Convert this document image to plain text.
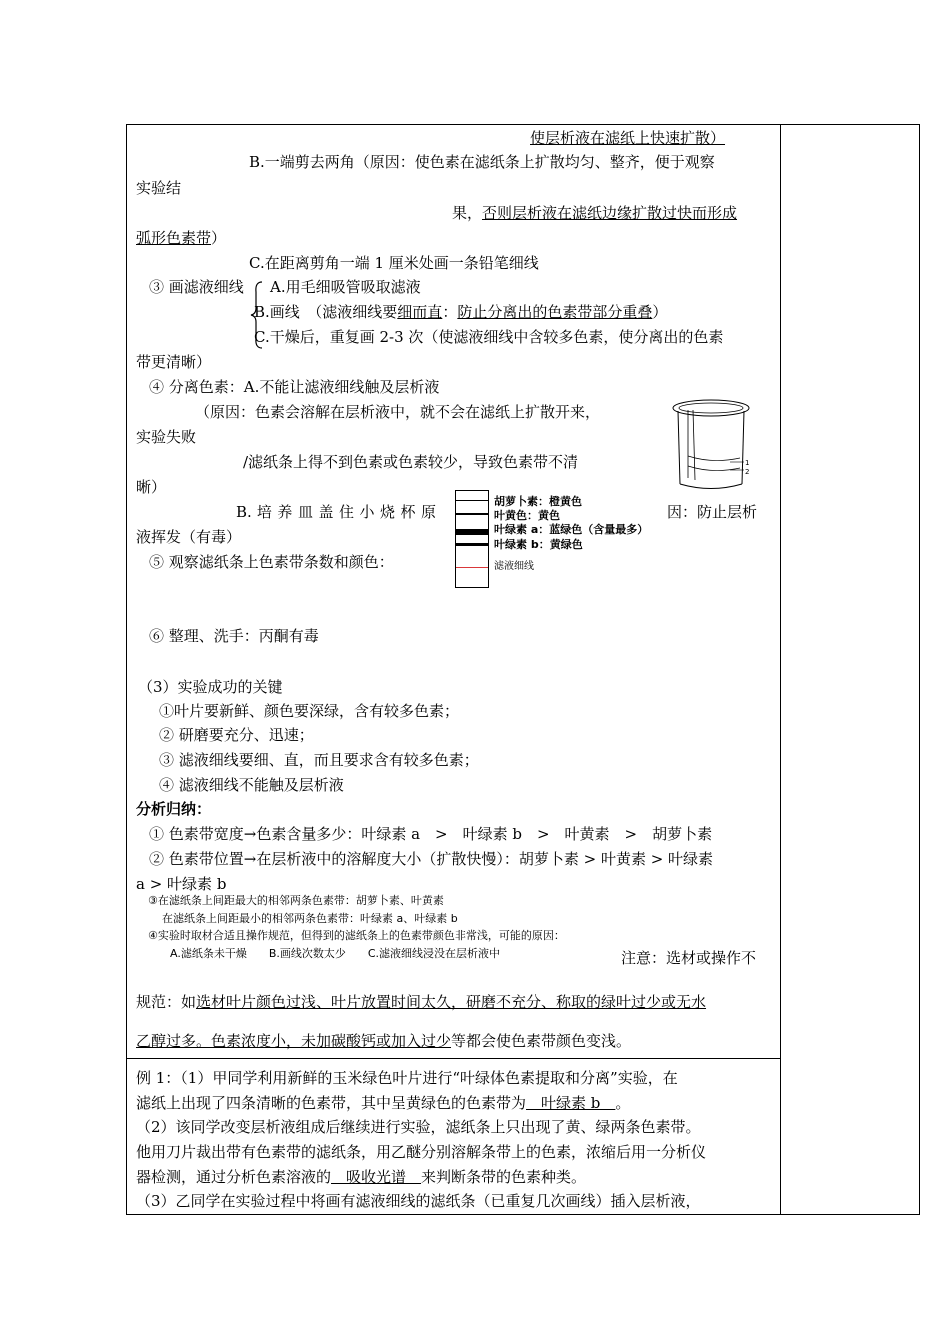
使层析液在滤纸上快速扩散）
B.一端剪去两角（原因：使色素在滤纸条上扩散均匀、整齐，便于观察
实验结
果，否则层析液在滤纸边缘扩散过快而形成
弧形色素带）
C.在距离剪角一端 1 厘米处画一条铅笔细线
③ 画滤液细线 A.用毛细吸管吸取滤液
B.画线　（滤液细线要细而直：防止分离出的色素带部分重叠）
C.干燥后，重复画 2-3 次（使滤液细线中含较多色素，使分离出的色素
带更清晰）
④ 分离色素：A.不能让滤液细线触及层析液
（原因：色素会溶解在层析液中，就不会在滤纸上扩散开来，
实验失败
/滤纸条上得不到色素或色素较少，导致色素带不清
晰）
1
2
B. 培 养 皿 盖 住 小 烧 杯 原	因：防止层析
液挥发（有毒）
胡萝卜素：橙黄色
叶黄色：黄色
叶绿素 a：蓝绿色（含量最多）
叶绿素 b：黄绿色
滤液细线
⑤ 观察滤纸条上色素带条数和颜色：
⑥ 整理、洗手：丙酮有毒
（3）实验成功的关键
①叶片要新鲜、颜色要深绿，含有较多色素；
② 研磨要充分、迅速；
③ 滤液细线要细、直，而且要求含有较多色素；
④ 滤液细线不能触及层析液
分析归纳：
① 色素带宽度→色素含量多少：叶绿素 a　>　叶绿素 b　>　叶黄素　>　胡萝卜素
② 色素带位置→在层析液中的溶解度大小（扩散快慢）：胡萝卜素 > 叶黄素 > 叶绿素
a > 叶绿素 b
③在滤纸条上间距最大的相邻两条色素带：胡萝卜素、叶黄素
在滤纸条上间距最小的相邻两条色素带：叶绿素 a、叶绿素 b
④实验时取材合适且操作规范，但得到的滤纸条上的色素带颜色非常浅，可能的原因：
A.滤纸条未干燥　　B.画线次数太少　　C.滤液细线浸没在层析液中	注意：选材或操作不
规范：如选材叶片颜色过浅、叶片放置时间太久，研磨不充分、称取的绿叶过少或无水
乙醇过多。色素浓度小，未加碳酸钙或加入过少等都会使色素带颜色变浅。
例 1：（1）甲同学利用新鲜的玉米绿色叶片进行“叶绿体色素提取和分离”实验，在
滤纸上出现了四条清晰的色素带，其中呈黄绿色的色素带为　叶绿素 b　。
（2）该同学改变层析液组成后继续进行实验，滤纸条上只出现了黄、绿两条色素带。
他用刀片裁出带有色素带的滤纸条，用乙醚分别溶解条带上的色素，浓缩后用一分析仪
器检测，通过分析色素溶液的　吸收光谱　来判断条带的色素种类。
（3）乙同学在实验过程中将画有滤液细线的滤纸条（已重复几次画线）插入层析液，
